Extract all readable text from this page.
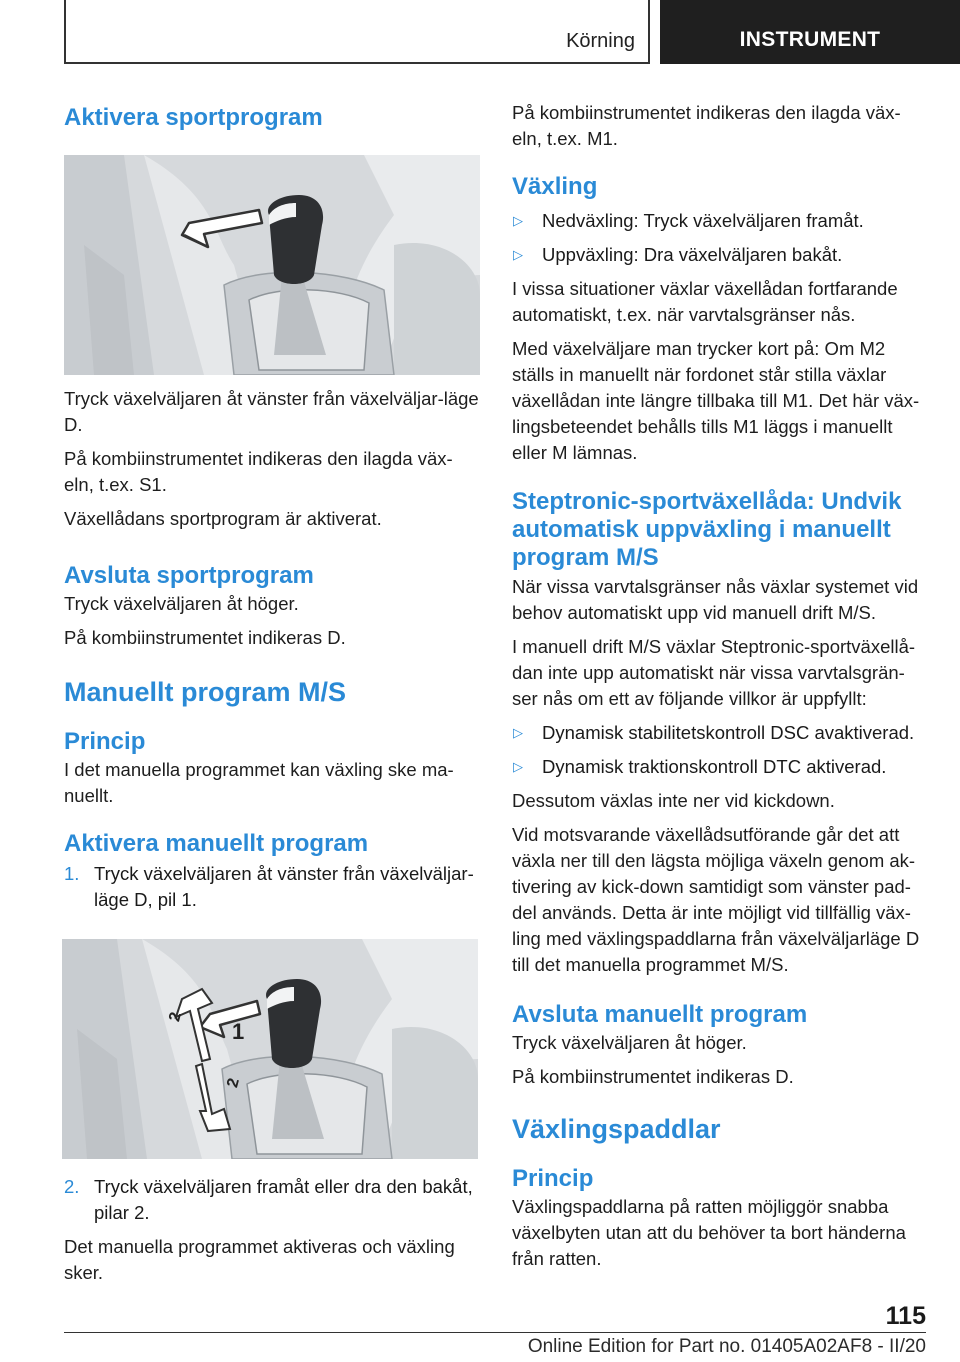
Körning	INSTRUMENT
Aktivera sportprogram

Tryck växelväljaren åt vänster från växelväljar-läge D.

På kombiinstrumentet indikeras den ilagda väx-eln, t.ex. S1.

Växellådans sportprogram är aktiverat.

Avsluta sportprogram

Tryck växelväljaren åt höger.

På kombiinstrumentet indikeras D.

Manuellt program M/S
Princip

I det manuella programmet kan växling ske ma-nuellt.

Aktivera manuellt program
1. Tryck växelväljaren åt vänster från växelväljar-läge D, pil 1.
1
2
2
2. Tryck växelväljaren framåt eller dra den bakåt, pilar 2.

Det manuella programmet aktiveras och växling sker.

På kombiinstrumentet indikeras den ilagda väx-eln, t.ex. M1.

Växling
▷	Nedväxling: Tryck växelväljaren framåt.
▷	Uppväxling: Dra växelväljaren bakåt.

I vissa situationer växlar växellådan fortfarande automatiskt, t.ex. när varvtalsgränser nås.

Med växelväljare man trycker kort på: Om M2 ställs in manuellt när fordonet står stilla växlar växellådan inte längre tillbaka till M1. Det här väx-lingsbeteendet behålls tills M1 läggs i manuellt eller M lämnas.

Steptronic-sportväxellåda: Undvik automatisk uppväxling i manuellt program M/S

När vissa varvtalsgränser nås växlar systemet vid behov automatiskt upp vid manuell drift M/S.

I manuell drift M/S växlar Steptronic-sportväxellå-dan inte upp automatiskt när vissa varvtalsgrän-ser nås om ett av följande villkor är uppfyllt:

▷	Dynamisk stabilitetskontroll DSC avaktiverad.
▷	Dynamisk traktionskontroll DTC aktiverad.

Dessutom växlas inte ner vid kickdown.

Vid motsvarande växellådsutförande går det att växla ner till den lägsta möjliga växeln genom ak-tivering av kick-down samtidigt som vänster pad-del används. Detta är inte möjligt vid tillfällig väx-ling med växlingspaddlarna från växelväljarläge D till det manuella programmet M/S.

Avsluta manuellt program

Tryck växelväljaren åt höger.

På kombiinstrumentet indikeras D.

Växlingspaddlar
Princip

Växlingspaddlarna på ratten möjliggör snabba växelbyten utan att du behöver ta bort händerna från ratten.

115
Online Edition for Part no. 01405A02AF8 - II/20
